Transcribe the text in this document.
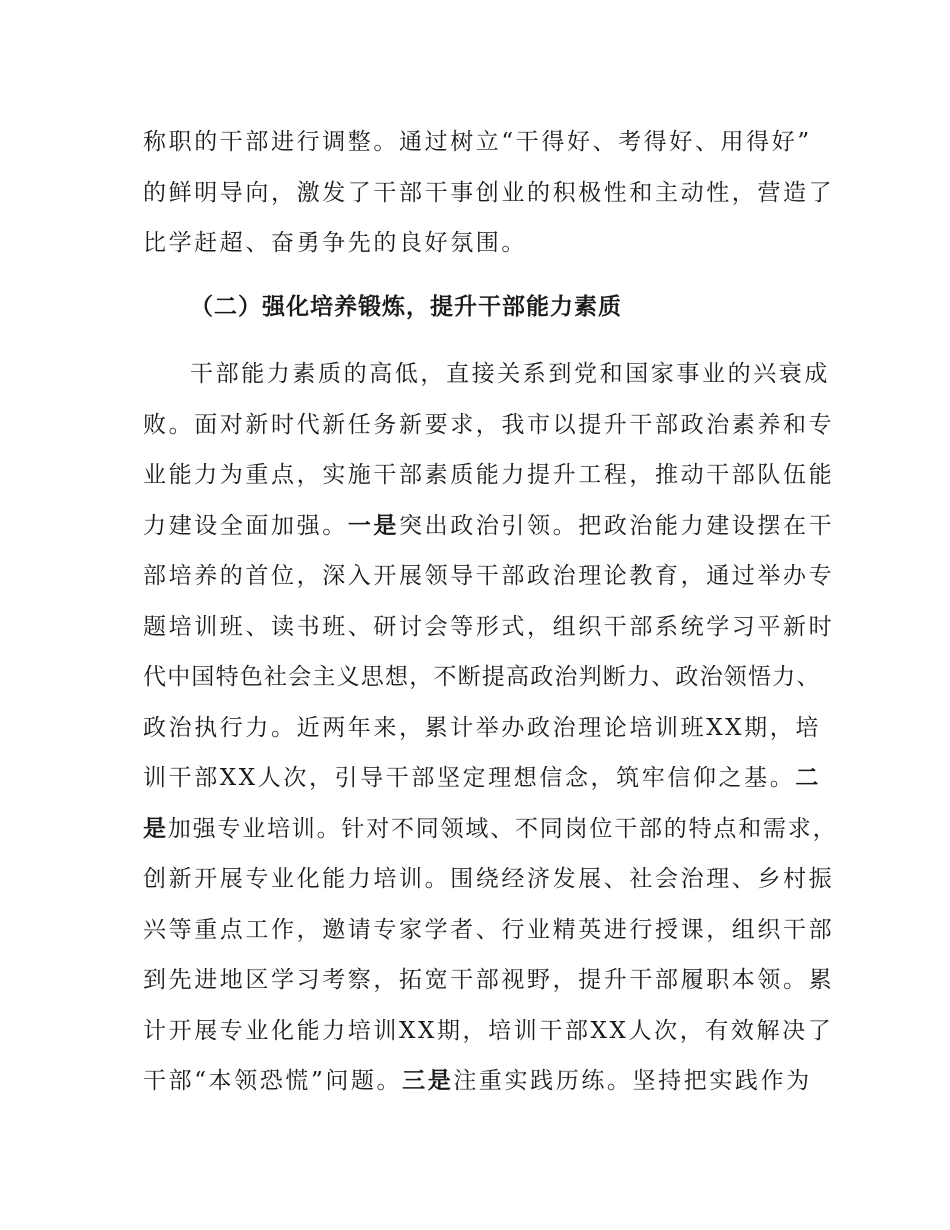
称职的干部进行调整。通过树立“干得好、考得好、用得好”
的鲜明导向，激发了干部干事创业的积极性和主动性，营造了
比学赶超、奋勇争先的良好氛围。
（二）强化培养锻炼，提升干部能力素质
干部能力素质的高低，直接关系到党和国家事业的兴衰成
败。面对新时代新任务新要求，我市以提升干部政治素养和专
业能力为重点，实施干部素质能力提升工程，推动干部队伍能
力建设全面加强。一是突出政治引领。把政治能力建设摆在干
部培养的首位，深入开展领导干部政治理论教育，通过举办专
题培训班、读书班、研讨会等形式，组织干部系统学习平新时
代中国特色社会主义思想，不断提高政治判断力、政治领悟力、
政治执行力。近两年来，累计举办政治理论培训班XX期，培
训干部XX人次，引导干部坚定理想信念，筑牢信仰之基。二
是加强专业培训。针对不同领域、不同岗位干部的特点和需求，
创新开展专业化能力培训。围绕经济发展、社会治理、乡村振
兴等重点工作，邀请专家学者、行业精英进行授课，组织干部
到先进地区学习考察，拓宽干部视野，提升干部履职本领。累
计开展专业化能力培训XX期，培训干部XX人次，有效解决了
干部“本领恐慌”问题。三是注重实践历练。坚持把实践作为
